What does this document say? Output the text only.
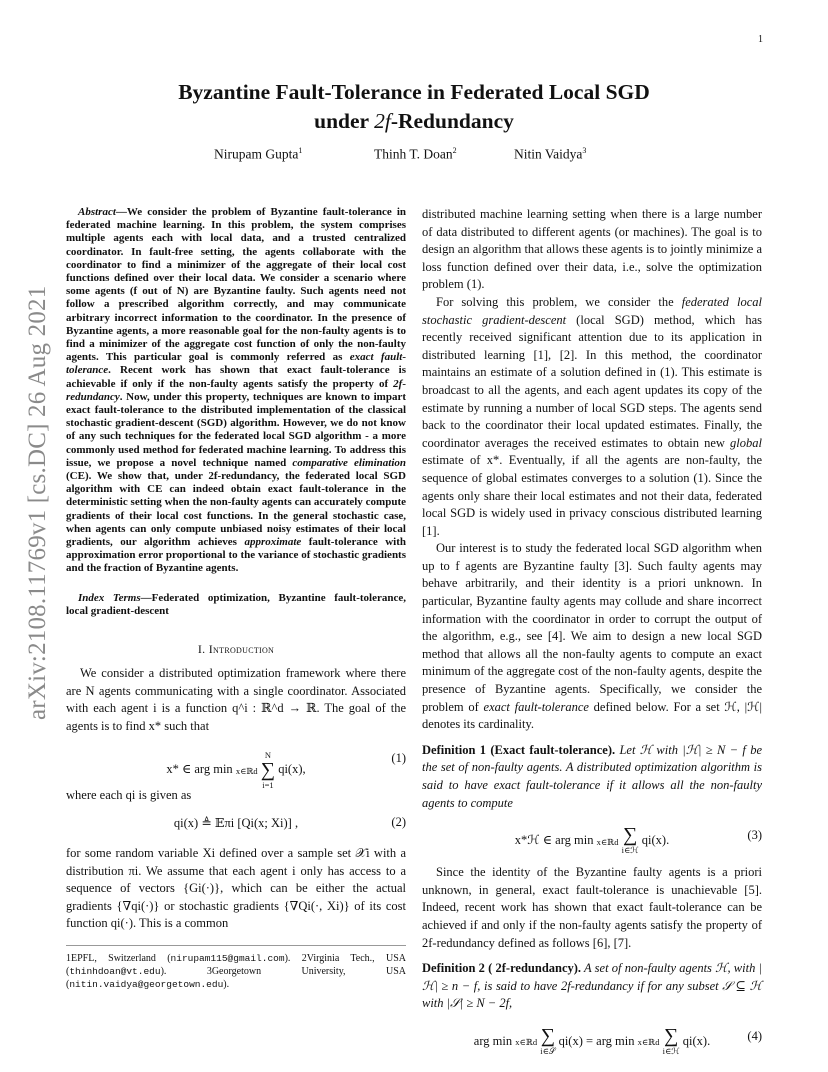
1
arXiv:2108.11769v1 [cs.DC] 26 Aug 2021
Byzantine Fault-Tolerance in Federated Local SGD
under 2f-Redundancy
Nirupam Gupta$^1$	Thinh T. Doan$^2$	Nitin Vaidya$^3$
Abstract—We consider the problem of Byzantine fault-tolerance in federated machine learning. In this problem, the system comprises multiple agents each with local data, and a trusted centralized coordinator. In fault-free setting, the agents collaborate with the coordinator to find a minimizer of the aggregate of their local cost functions defined over their local data. We consider a scenario where some agents (f out of N) are Byzantine faulty. Such agents need not follow a prescribed algorithm correctly, and may communicate arbitrary incorrect information to the coordinator. In the presence of Byzantine agents, a more reasonable goal for the non-faulty agents is to find a minimizer of the aggregate cost function of only the non-faulty agents. This particular goal is commonly referred as exact fault-tolerance. Recent work has shown that exact fault-tolerance is achievable if only if the non-faulty agents satisfy the property of 2f-redundancy. Now, under this property, techniques are known to impart exact fault-tolerance to the distributed implementation of the classical stochastic gradient-descent (SGD) algorithm. However, we do not know of any such techniques for the federated local SGD algorithm - a more commonly used method for federated machine learning. To address this issue, we propose a novel technique named comparative elimination (CE). We show that, under 2f-redundancy, the federated local SGD algorithm with CE can indeed obtain exact fault-tolerance in the deterministic setting when the non-faulty agents can accurately compute gradients of their local cost functions. In the general stochastic case, when agents can only compute unbiased noisy estimates of their local gradients, our algorithm achieves approximate fault-tolerance with approximation error proportional to the variance of stochastic gradients and the fraction of Byzantine agents.
Index Terms—Federated optimization, Byzantine fault-tolerance, local gradient-descent
I. Introduction

We consider a distributed optimization framework where there are N agents communicating with a single coordinator. Associated with each agent i is a function q^i : ℝ^d → ℝ. The goal of the agents is to find x* such that

x* ∈ arg min x∈ℝd N
∑
i=1 qi(x),
(1)

where each qi is given as

qi(x) ≜ 𝔼πi [Qi(x; Xi)] ,	(2)

for some random variable Xi defined over a sample set 𝒳i with a distribution πi. We assume that each agent i only has access to a sequence of vectors {Gi(·)}, which can be either the actual gradients {∇qi(·)} or stochastic gradients {∇Qi(·, Xi)} of its cost function qi(·). This is a common

1EPFL, Switzerland (nirupam115@gmail.com). 2Virginia Tech., USA (thinhdoan@vt.edu). 3Georgetown University, USA (nitin.vaidya@georgetown.edu).

distributed machine learning setting when there is a large number of data distributed to different agents (or machines). The goal is to design an algorithm that allows these agents is to jointly minimize a loss function defined over their data, i.e., solve the optimization problem (1).

For solving this problem, we consider the federated local stochastic gradient-descent (local SGD) method, which has recently received significant attention due to its application in distributed learning [1], [2]. In this method, the coordinator maintains an estimate of a solution defined in (1). This estimate is broadcast to all the agents, and each agent updates its copy of the estimate by running a number of local SGD steps. The agents send back to the coordinator their local updated estimates. Finally, the coordinator averages the received estimates to obtain new global estimate of x*. Eventually, if all the agents are non-faulty, the sequence of global estimates converges to a solution (1). Since the agents only share their local estimates and not their data, federated local SGD is widely used in privacy conscious distributed learning [1].

Our interest is to study the federated local SGD algorithm when up to f agents are Byzantine faulty [3]. Such faulty agents may behave arbitrarily, and their identity is a priori unknown. In particular, Byzantine faulty agents may collude and share incorrect information with the coordinator in order to corrupt the output of the algorithm, e.g., see [4]. We aim to design a new local SGD method that allows all the non-faulty agents to compute an exact minimum of the aggregate cost of the non-faulty agents, despite the presence of Byzantine agents. Specifically, we consider the problem of exact fault-tolerance defined below. For a set ℋ, |ℋ| denotes its cardinality.

Definition 1 (Exact fault-tolerance). Let ℋ with |ℋ| ≥ N − f be the set of non-faulty agents. A distributed optimization algorithm is said to have exact fault-tolerance if it allows all the non-faulty agents to compute
x*ℋ ∈ arg min x∈ℝd ∑
i∈ℋ qi(x).	(3)

Since the identity of the Byzantine faulty agents is a priori unknown, in general, exact fault-tolerance is unachievable [5]. Indeed, recent work has shown that exact fault-tolerance can be achieved if and only if the non-faulty agents satisfy the property of 2f-redundancy defined as follows [6], [7].

Definition 2 ( 2f-redundancy). A set of non-faulty agents ℋ, with |ℋ| ≥ n − f, is said to have 2f-redundancy if for any subset 𝒮 ⊆ ℋ with |𝒮| ≥ N − 2f,
arg min x∈ℝd ∑
i∈𝒮 qi(x) = arg min x∈ℝd ∑
i∈ℋ qi(x).	(4)
